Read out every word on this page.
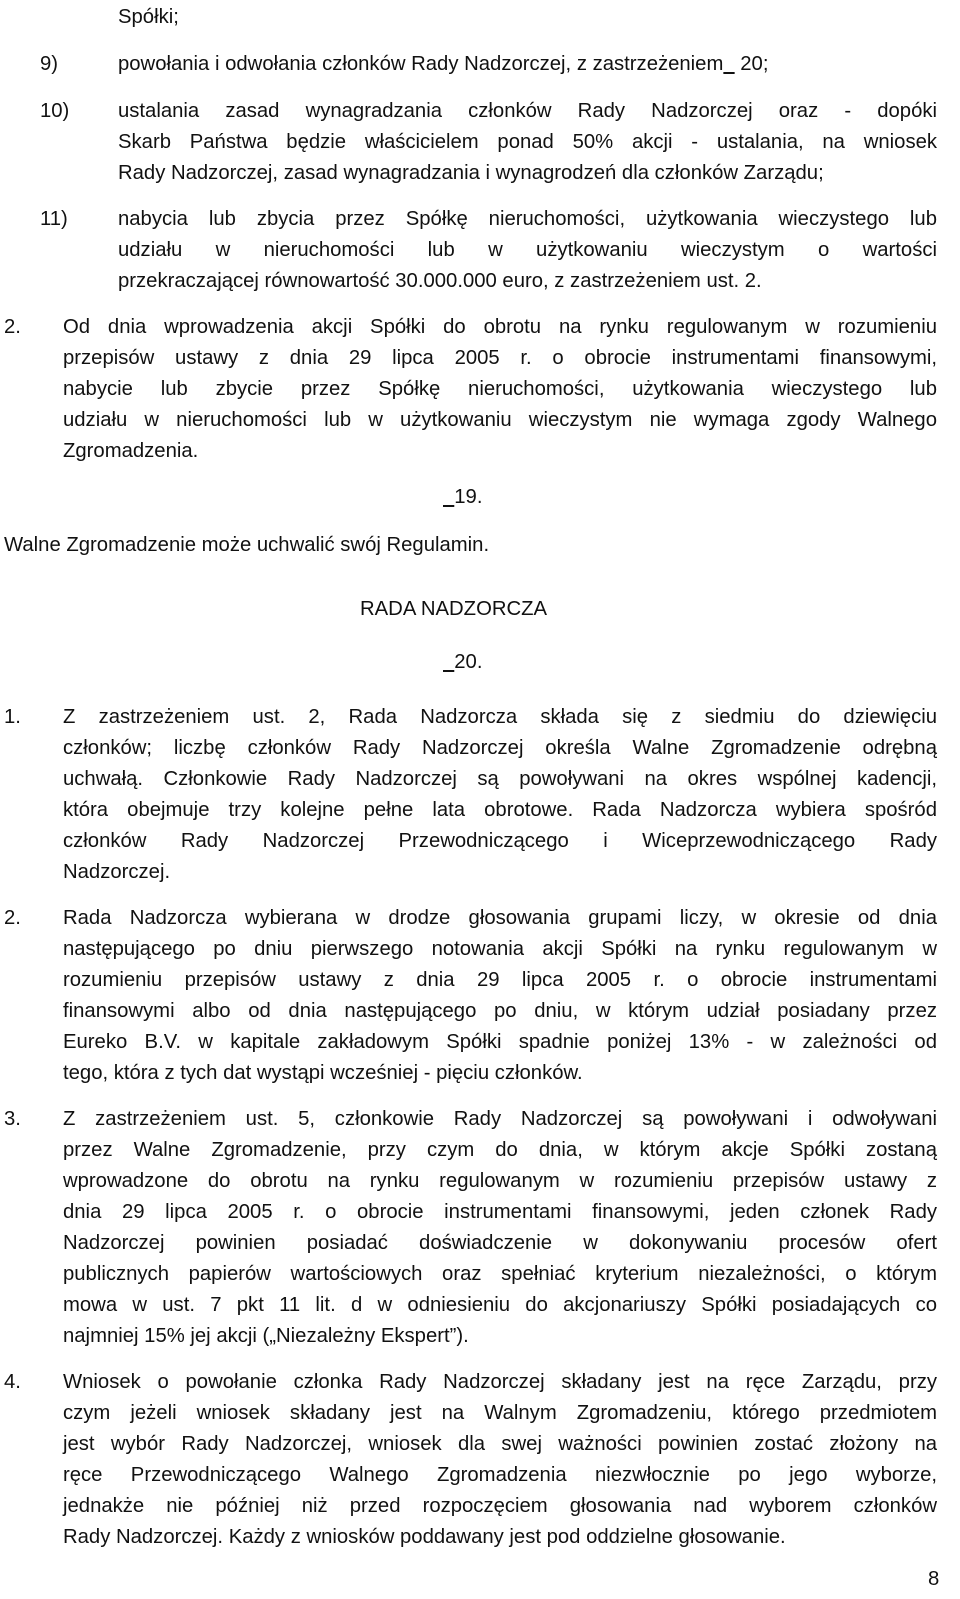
Spółki;
9)	powołania i odwołania członków Rady Nadzorczej, z zastrzeżeniem   20;
10) ustalania zasad wynagradzania członków Rady Nadzorczej oraz - dopóki
Skarb Państwa będzie właścicielem ponad 50% akcji - ustalania, na wniosek
Rady Nadzorczej, zasad wynagradzania i wynagrodzeń dla członków Zarządu;
11) nabycia lub zbycia przez Spółkę nieruchomości, użytkowania wieczystego lub
udziału w nieruchomości lub w użytkowaniu wieczystym o wartości
przekraczającej równowartość 30.000.000 euro, z zastrzeżeniem ust. 2.
2. Od dnia wprowadzenia akcji Spółki do obrotu na rynku regulowanym w rozumieniu
przepisów ustawy z dnia 29 lipca 2005 r. o obrocie instrumentami finansowymi,
nabycie lub zbycie przez Spółkę nieruchomości, użytkowania wieczystego lub
udziału w nieruchomości lub w użytkowaniu wieczystym nie wymaga zgody Walnego
Zgromadzenia.
19.
Walne Zgromadzenie może uchwalić swój Regulamin.
RADA NADZORCZA
20.
1. Z zastrzeżeniem ust. 2, Rada Nadzorcza składa się z siedmiu do dziewięciu
członków; liczbę członków Rady Nadzorczej określa Walne Zgromadzenie odrębną
uchwałą. Członkowie Rady Nadzorczej są powoływani na okres wspólnej kadencji,
która obejmuje trzy kolejne pełne lata obrotowe. Rada Nadzorcza wybiera spośród
członków Rady Nadzorczej Przewodniczącego i Wiceprzewodniczącego Rady
Nadzorczej.
2. Rada Nadzorcza wybierana w drodze głosowania grupami liczy, w okresie od dnia
następującego po dniu pierwszego notowania akcji Spółki na rynku regulowanym w
rozumieniu przepisów ustawy z dnia 29 lipca 2005 r. o obrocie instrumentami
finansowymi albo od dnia następującego po dniu, w którym udział posiadany przez
Eureko B.V. w kapitale zakładowym Spółki spadnie poniżej 13% - w zależności od
tego, która z tych dat wystąpi wcześniej - pięciu członków.
3. Z zastrzeżeniem ust. 5, członkowie Rady Nadzorczej są powoływani i odwoływani
przez Walne Zgromadzenie, przy czym do dnia, w którym akcje Spółki zostaną
wprowadzone do obrotu na rynku regulowanym w rozumieniu przepisów ustawy z
dnia 29 lipca 2005 r. o obrocie instrumentami finansowymi, jeden członek Rady
Nadzorczej powinien posiadać doświadczenie w dokonywaniu procesów ofert
publicznych papierów wartościowych oraz spełniać kryterium niezależności, o którym
mowa w ust. 7 pkt 11 lit. d w odniesieniu do akcjonariuszy Spółki posiadających co
najmniej 15% jej akcji („Niezależny Ekspert”).
4. Wniosek o powołanie członka Rady Nadzorczej składany jest na ręce Zarządu, przy
czym jeżeli wniosek składany jest na Walnym Zgromadzeniu, którego przedmiotem
jest wybór Rady Nadzorczej, wniosek dla swej ważności powinien zostać złożony na
ręce Przewodniczącego Walnego Zgromadzenia niezwłocznie po jego wyborze,
jednakże nie później niż przed rozpoczęciem głosowania nad wyborem członków
Rady Nadzorczej. Każdy z wniosków poddawany jest pod oddzielne głosowanie.
8
